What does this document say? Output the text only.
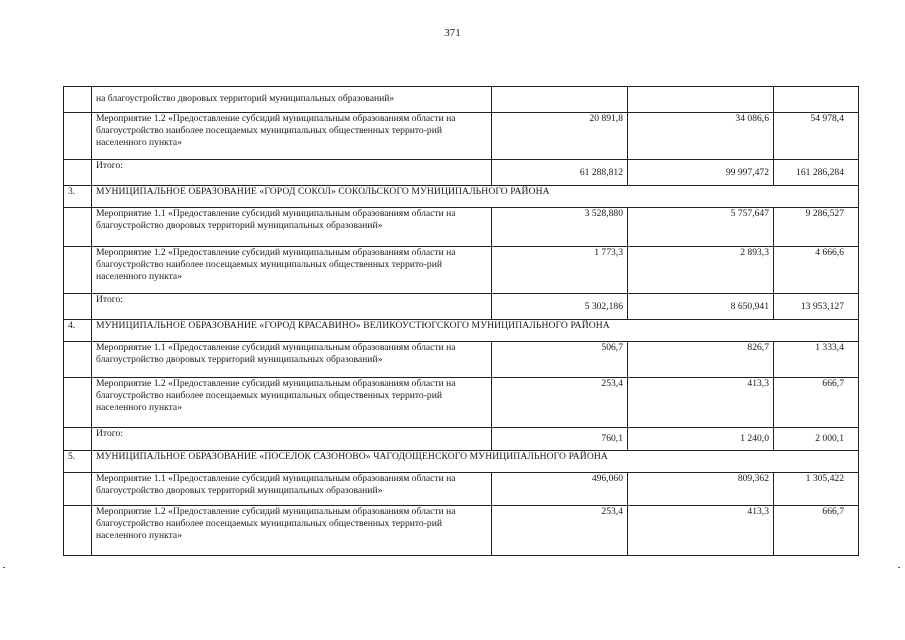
371
	на благоустройство дворовых территорий муниципальных образований»			
	Мероприятие 1.2 «Предоставление субсидий муниципальным образованиям области на благоустройство наиболее посещаемых муниципальных общественных террито-рий населенного пункта»	20 891,8	34 086,6	54 978,4
	Итого:	61 288,812	99 997,472	161 286,284
3.	МУНИЦИПАЛЬНОЕ ОБРАЗОВАНИЕ «ГОРОД СОКОЛ» СОКОЛЬСКОГО МУНИЦИПАЛЬНОГО РАЙОНА			
	Мероприятие 1.1 «Предоставление субсидий муниципальным образованиям области на благоустройство дворовых территорий муниципальных образований»	3 528,880	5 757,647	9 286,527
	Мероприятие 1.2 «Предоставление субсидий муниципальным образованиям области на благоустройство наиболее посещаемых муниципальных общественных террито-рий населенного пункта»	1 773,3	2 893,3	4 666,6
	Итого:	5 302,186	8 650,941	13 953,127
4.	МУНИЦИПАЛЬНОЕ ОБРАЗОВАНИЕ «ГОРОД КРАСАВИНО» ВЕЛИКОУСТЮГСКОГО МУНИЦИПАЛЬНОГО РАЙОНА			
	Мероприятие 1.1 «Предоставление субсидий муниципальным образованиям области на благоустройство дворовых территорий муниципальных образований»	506,7	826,7	1 333,4
	Мероприятие 1.2 «Предоставление субсидий муниципальным образованиям области на благоустройство наиболее посещаемых муниципальных общественных террито-рий населенного пункта»	253,4	413,3	666,7
	Итого:	760,1	1 240,0	2 000,1
5.	МУНИЦИПАЛЬНОЕ ОБРАЗОВАНИЕ «ПОСЕЛОК САЗОНОВО» ЧАГОДОЩЕНСКОГО МУНИЦИПАЛЬНОГО РАЙОНА			
	Мероприятие 1.1 «Предоставление субсидий муниципальным образованиям области на благоустройство дворовых территорий муниципальных образований»	496,060	809,362	1 305,422
	Мероприятие 1.2 «Предоставление субсидий муниципальным образованиям области на благоустройство наиболее посещаемых муниципальных общественных террито-рий населенного пункта»	253,4	413,3	666,7
